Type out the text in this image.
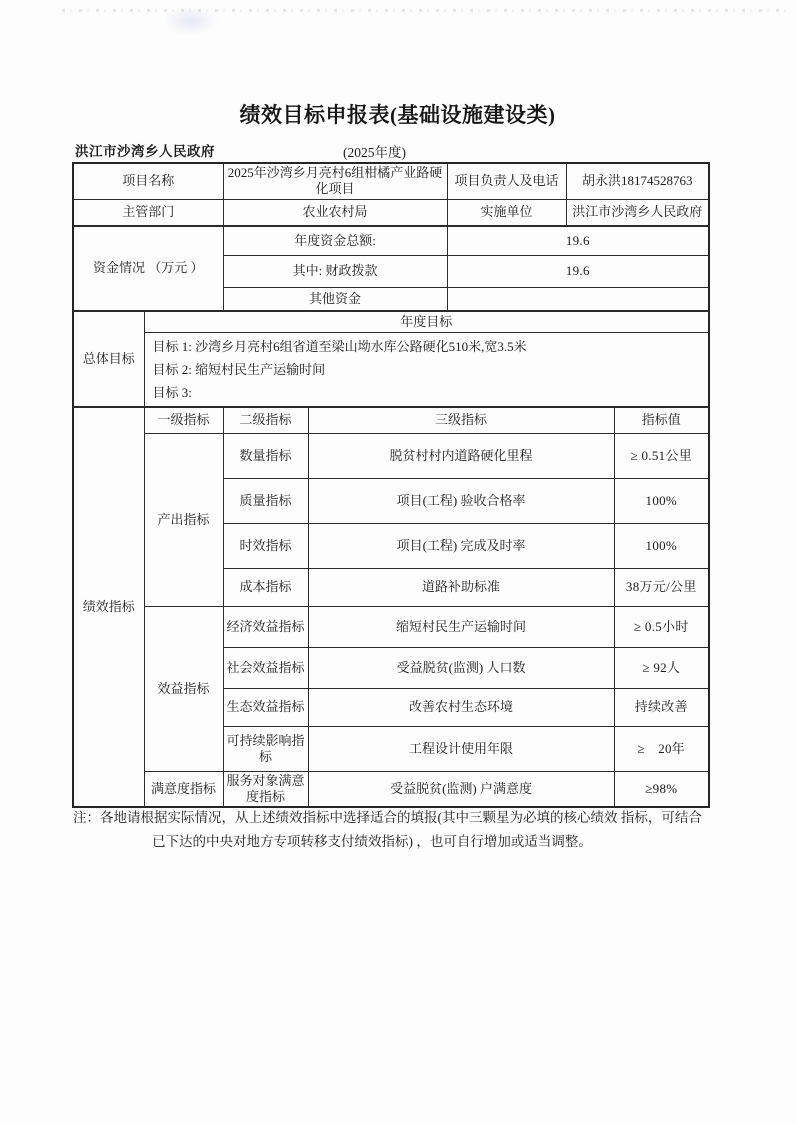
绩效目标申报表(基础设施建设类)
洪江市沙湾乡人民政府	(2025年度)
项目名称		2025年沙湾乡月亮村6组柑橘产业路硬化项目		项目负责人及电话	胡永洪18174528763	
主管部门		农业农村局		实施单位	洪江市沙湾乡人民政府	
资金情况 （万元 ）		年度资金总额:		19.6		
		其中: 财政拨款		19.6		
		其他资金				
总体目标	年度目标					

	目标 1: 沙湾乡月亮村6组省道至梁山坳水库公路硬化510米,宽3.5米
目标 2: 缩短村民生产运输时间
目标 3:					

绩效指标	一级指标	二级指标	三级指标			指标值
	产出指标	数量指标	脱贫村村内道路硬化里程			≥ 0.51公里
		质量指标	项目(工程) 验收合格率			100%
		时效指标	项目(工程) 完成及时率			100%
		成本指标	道路补助标准			38万元/公里
	效益指标	经济效益指标	缩短村民生产运输时间			≥ 0.5小时
		社会效益指标	受益脱贫(监测) 人口数			≥ 92人
		生态效益指标	改善农村生态环境			持续改善
		可持续影响指标	工程设计使用年限			≥　20年
	满意度指标	服务对象满意度指标	受益脱贫(监测) 户满意度			≥98%
注：各地请根据实际情况，从上述绩效指标中选择适合的填报(其中三颗星为必填的核心绩效 指标，可结合
已下达的中央对地方专项转移支付绩效指标) ，也可自行增加或适当调整。
